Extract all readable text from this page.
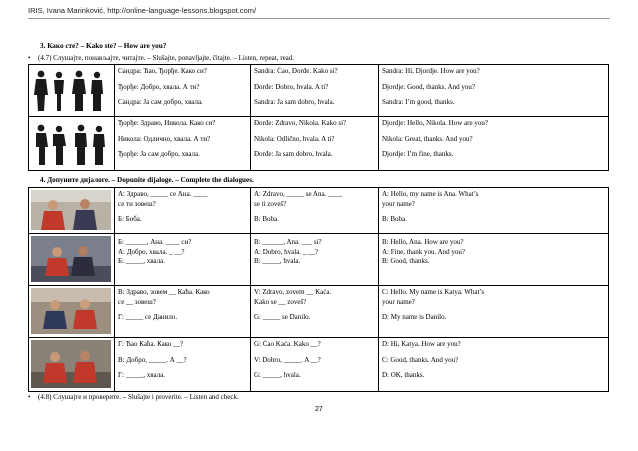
IRIS, Ivana Marinković, http://online-language-lessons.blogspot.com/
3. Како сте? – Kako ste? – How are you?
• (4.7) Слушајте, понављајте, читајте. – Slušajte, ponavljajte, čitajte. – Listen, repeat, read.

Сандра: Ћао, Ђорђе. Како си?
Ђорђе: Добро, хвала. А ти?
Сандра: Ја сам добро, хвала.	Sandra: Ćao, Đorđe. Kako si?
Đorđe: Dobro, hvala. A ti?
Sandra: Ja sam dobro, hvala.	Sandra: Hi, Djordje. How are you?
Djordje: Good, thanks. And you?
Sandra: I’m good, thanks.

Ђорђе: Здраво, Никола. Како си?
Никола: Одлично, хвала. А ти?
Ђорђе: Ја сам добро, хвала.	Đorđe: Zdravo, Nikola. Kako si?
Nikola: Odlično, hvala. A ti?
Đorđe: Ja sam dobro, hvala.	Djordje: Hello, Nikola. How are you?
Nikola: Great, thanks. And you?
Djordje: I’m fine, thanks.
4. Допуните дијалоге. – Dopunite dijaloge. – Complete the dialogues.

А: Здраво, _____ се Ана. ____
се ти зовеш?
Б: Боба.	A: Zdravo, _____ se Ana. ____
se ti zoveš?
B: Boba.	A: Hello, my name is Ana. What’s
your name?
B: Boba.

Б: ______, Ана. ____ си?
А: Добро, хвала. _ __?
Б: _____, хвала.	B: ______, Ana. ___ si?
A: Dobro, hvala. _ __?
B: _____, hvala.	B: Hello, Ana. How are you?
A: Fine, thank you. And you?
B: Good, thanks.

В: Здраво, зовем __ Каћа. Како
се __ зовеш?
Г: _____ се Данило.	V: Zdravo, zovem __ Kaća.
Kako se __ zoveš?
G: _____ se Danilo.	C: Hello. My name is Katya. What’s
your name?
D: My name is Danilo.

Г: Ћао Каћа. Како __?
В: Добро, _____. А __?
Г: _____, хвала.	G: Ćao Kaća. Kako __?
V: Dobro, _____. A __?
G: _____, hvala.	D: Hi, Katya. How are you?
C: Good, thanks. And you?
D: OK, thanks.
• (4.8) Слушајте и проверите. – Slušajte i proverite. – Listen and check.
27
